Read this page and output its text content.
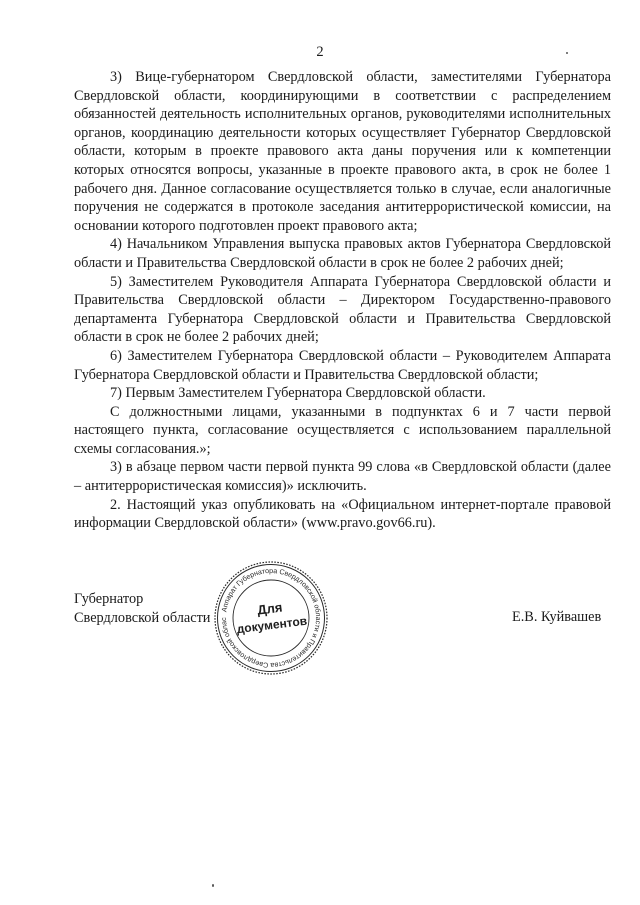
2

3) Вице-губернатором Свердловской области, заместителями Губернатора Свердловской области, координирующими в соответствии с распределением обязанностей деятельность исполнительных органов, руководителями исполнительных органов, координацию деятельности которых осуществляет Губернатор Свердловской области, которым в проекте правового акта даны поручения или к компетенции которых относятся вопросы, указанные в проекте правового акта, в срок не более 1 рабочего дня. Данное согласование осуществляется только в случае, если аналогичные поручения не содержатся в протоколе заседания антитеррористической комиссии, на основании которого подготовлен проект правового акта;

4) Начальником Управления выпуска правовых актов Губернатора Свердловской области и Правительства Свердловской области в срок не более 2 рабочих дней;

5) Заместителем Руководителя Аппарата Губернатора Свердловской области и Правительства Свердловской области – Директором Государственно-правового департамента Губернатора Свердловской области и Правительства Свердловской области в срок не более 2 рабочих дней;

6) Заместителем Губернатора Свердловской области – Руководителем Аппарата Губернатора Свердловской области и Правительства Свердловской области;

7) Первым Заместителем Губернатора Свердловской области.

С должностными лицами, указанными в подпунктах 6 и 7 части первой настоящего пункта, согласование осуществляется с использованием параллельной схемы согласования.»;

3) в абзаце первом части первой пункта 99 слова «в Свердловской области (далее – антитеррористическая комиссия)» исключить.

2. Настоящий указ опубликовать на «Официальном интернет-портале правовой информации Свердловской области» (www.pravo.gov66.ru).

Губернатор
Свердловской области	Е.В. Куйвашев
Аппарат Губернатора Свердловской области и Правительства Свердловской облас
Для
документов
